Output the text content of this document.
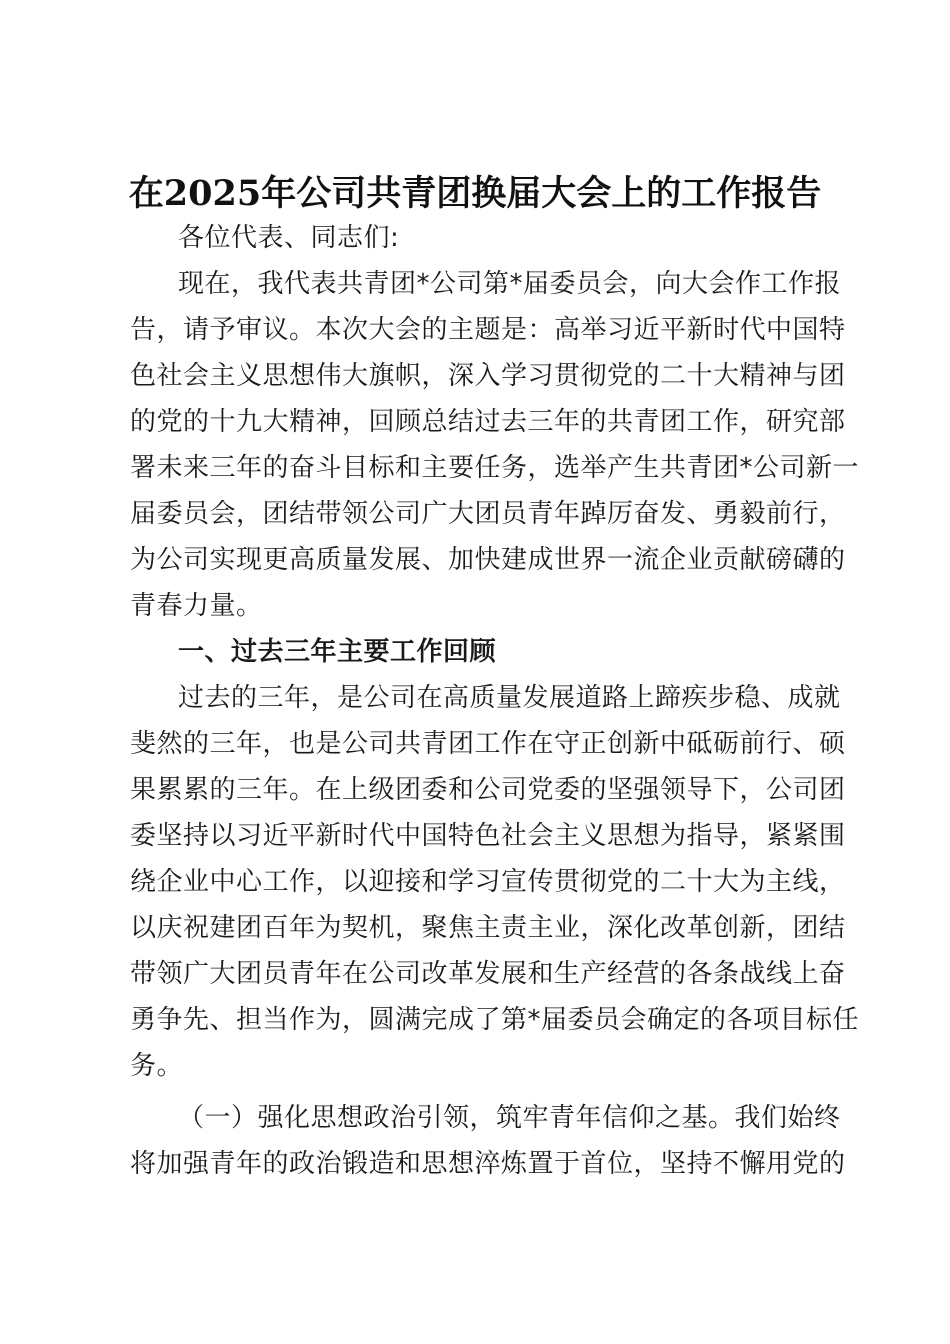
在2025年公司共青团换届大会上的工作报告
各位代表、同志们:
现在，我代表共青团*公司第*届委员会，向大会作工作报
告，请予审议。本次大会的主题是：高举习近平新时代中国特
色社会主义思想伟大旗帜，深入学习贯彻党的二十大精神与团
的党的十九大精神，回顾总结过去三年的共青团工作，研究部
署未来三年的奋斗目标和主要任务，选举产生共青团*公司新一
届委员会，团结带领公司广大团员青年踔厉奋发、勇毅前行，
为公司实现更高质量发展、加快建成世界一流企业贡献磅礴的
青春力量。
一、过去三年主要工作回顾
过去的三年，是公司在高质量发展道路上蹄疾步稳、成就
斐然的三年，也是公司共青团工作在守正创新中砥砺前行、硕
果累累的三年。在上级团委和公司党委的坚强领导下，公司团
委坚持以习近平新时代中国特色社会主义思想为指导，紧紧围
绕企业中心工作，以迎接和学习宣传贯彻党的二十大为主线，
以庆祝建团百年为契机，聚焦主责主业，深化改革创新，团结
带领广大团员青年在公司改革发展和生产经营的各条战线上奋
勇争先、担当作为，圆满完成了第*届委员会确定的各项目标任
务。
（一）强化思想政治引领，筑牢青年信仰之基。我们始终
将加强青年的政治锻造和思想淬炼置于首位，坚持不懈用党的
